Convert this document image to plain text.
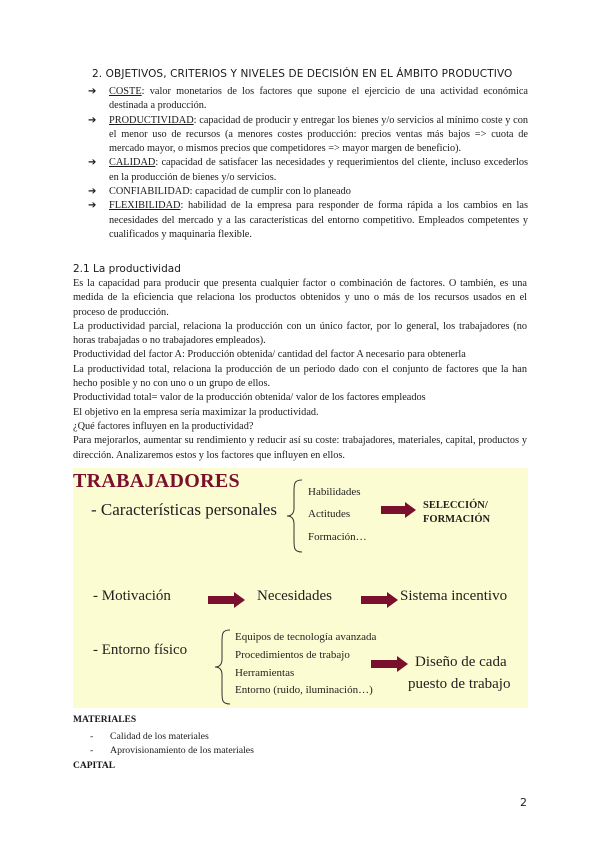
2. OBJETIVOS, CRITERIOS Y NIVELES DE DECISIÓN EN EL ÁMBITO PRODUCTIVO
➔ COSTE: valor monetarios de los factores que supone el ejercicio de una actividad económica destinada a producción.
➔ PRODUCTIVIDAD: capacidad de producir y entregar los bienes y/o servicios al mínimo coste y con el menor uso de recursos (a menores costes producción: precios ventas más bajos => cuota de mercado mayor, o mismos precios que competidores => mayor margen de beneficio).
➔ CALIDAD: capacidad de satisfacer las necesidades y requerimientos del cliente, incluso excederlos en la producción de bienes y/o servicios.
➔ CONFIABILIDAD: capacidad de cumplir con lo planeado
➔ FLEXIBILIDAD: habilidad de la empresa para responder de forma rápida a los cambios en las necesidades del mercado y a las características del entorno competitivo. Empleados competentes y cualificados y maquinaria flexible.
2.1 La productividad

Es la capacidad para producir que presenta cualquier factor o combinación de factores. O también, es una medida de la eficiencia que relaciona los productos obtenidos y uno o más de los recursos usados en el proceso de producción.

La productividad parcial, relaciona la producción con un único factor, por lo general, los trabajadores (no horas trabajadas o no trabajadores empleados).

Productividad del factor A: Producción obtenida/ cantidad del factor A necesario para obtenerla

La productividad total, relaciona la producción de un periodo dado con el conjunto de factores que la han hecho posible y no con uno o un grupo de ellos.

Productividad total= valor de la producción obtenida/ valor de los factores empleados

El objetivo en la empresa sería maximizar la productividad.

¿Qué factores influyen en la productividad?

Para mejorarlos, aumentar su rendimiento y reducir así su coste: trabajadores, materiales, capital, productos y dirección. Analizaremos estos y los factores que influyen en ellos.

TRABAJADORES
- Características personales
Habilidades
Actitudes
Formación…
SELECCIÓN/
FORMACIÓN
- Motivación	Necesidades	Sistema incentivo
- Entorno físico
Equipos de tecnología avanzada
Procedimientos de trabajo
Herramientas
Entorno (ruido, iluminación…)
Diseño de cada
puesto de trabajo
MATERIALES
- Calidad de los materiales
- Aprovisionamiento de los materiales
CAPITAL
2
